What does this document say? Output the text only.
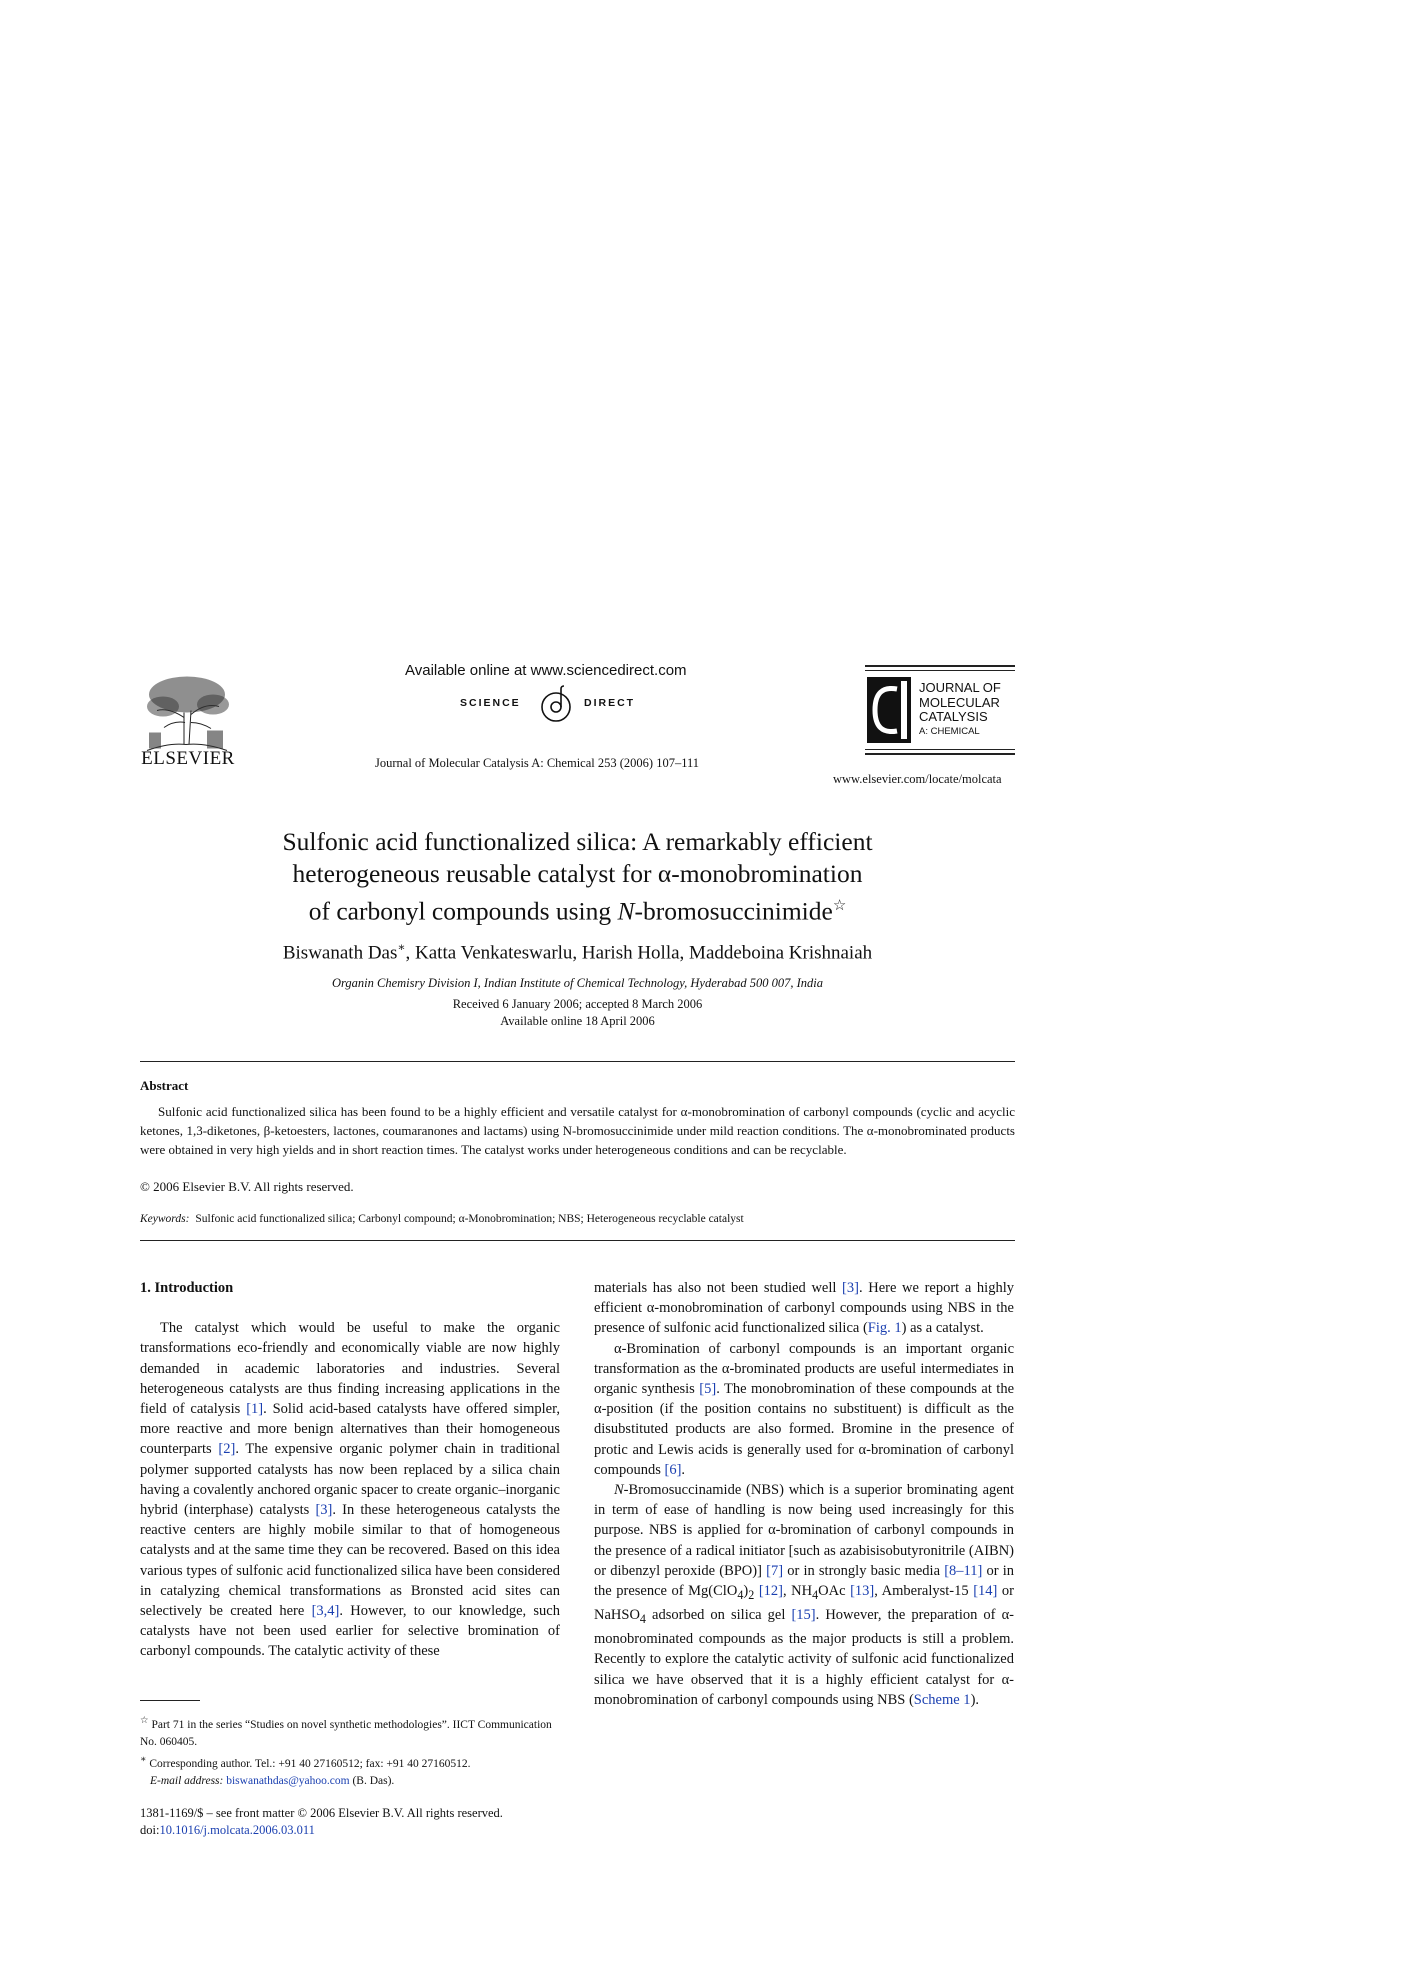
ELSEVIER
Available online at www.sciencedirect.com
SCIENCE	DIRECT
Journal of Molecular Catalysis A: Chemical 253 (2006) 107–111
JOURNAL OF
MOLECULAR
CATALYSIS
A: CHEMICAL
www.elsevier.com/locate/molcata
Sulfonic acid functionalized silica: A remarkably efficient
heterogeneous reusable catalyst for α-monobromination
of carbonyl compounds using N-bromosuccinimide☆
Biswanath Das∗, Katta Venkateswarlu, Harish Holla, Maddeboina Krishnaiah
Organin Chemisry Division I, Indian Institute of Chemical Technology, Hyderabad 500 007, India
Received 6 January 2006; accepted 8 March 2006
Available online 18 April 2006
Abstract
Sulfonic acid functionalized silica has been found to be a highly efficient and versatile catalyst for α-monobromination of carbonyl compounds (cyclic and acyclic ketones, 1,3-diketones, β-ketoesters, lactones, coumaranones and lactams) using N-bromosuccinimide under mild reaction conditions. The α-monobrominated products were obtained in very high yields and in short reaction times. The catalyst works under heterogeneous conditions and can be recyclable.
© 2006 Elsevier B.V. All rights reserved.
Keywords: Sulfonic acid functionalized silica; Carbonyl compound; α-Monobromination; NBS; Heterogeneous recyclable catalyst

1. Introduction

The catalyst which would be useful to make the organic transformations eco-friendly and economically viable are now highly demanded in academic laboratories and industries. Several heterogeneous catalysts are thus finding increasing applications in the field of catalysis [1]. Solid acid-based catalysts have offered simpler, more reactive and more benign alternatives than their homogeneous counterparts [2]. The expensive organic polymer chain in traditional polymer supported catalysts has now been replaced by a silica chain having a covalently anchored organic spacer to create organic–inorganic hybrid (interphase) catalysts [3]. In these heterogeneous catalysts the reactive centers are highly mobile similar to that of homogeneous catalysts and at the same time they can be recovered. Based on this idea various types of sulfonic acid functionalized silica have been considered in catalyzing chemical transformations as Bronsted acid sites can selectively be created here [3,4]. However, to our knowledge, such catalysts have not been used earlier for selective bromination of carbonyl compounds. The catalytic activity of these

materials has also not been studied well [3]. Here we report a highly efficient α-monobromination of carbonyl compounds using NBS in the presence of sulfonic acid functionalized silica (Fig. 1) as a catalyst.

α-Bromination of carbonyl compounds is an important organic transformation as the α-brominated products are useful intermediates in organic synthesis [5]. The monobromination of these compounds at the α-position (if the position contains no substituent) is difficult as the disubstituted products are also formed. Bromine in the presence of protic and Lewis acids is generally used for α-bromination of carbonyl compounds [6].

N-Bromosuccinamide (NBS) which is a superior brominating agent in term of ease of handling is now being used increasingly for this purpose. NBS is applied for α-bromination of carbonyl compounds in the presence of a radical initiator [such as azabisisobutyronitrile (AIBN) or dibenzyl peroxide (BPO)] [7] or in strongly basic media [8–11] or in the presence of $Mg(ClO_4)_2$ [12], $NH_4OAc$ [13], Amberalyst-15 [14] or NaHSO$_4$ adsorbed on silica gel [15]. However, the preparation of α-monobrominated compounds as the major products is still a problem. Recently to explore the catalytic activity of sulfonic acid functionalized silica we have observed that it is a highly efficient catalyst for α-monobromination of carbonyl compounds using NBS (Scheme 1).

☆ Part 71 in the series “Studies on novel synthetic methodologies”. IICT Communication No. 060405.

∗ Corresponding author. Tel.: +91 40 27160512; fax: +91 40 27160512.

E-mail address: biswanathdas@yahoo.com (B. Das).

1381-1169/$ – see front matter © 2006 Elsevier B.V. All rights reserved.
doi:10.1016/j.molcata.2006.03.011
